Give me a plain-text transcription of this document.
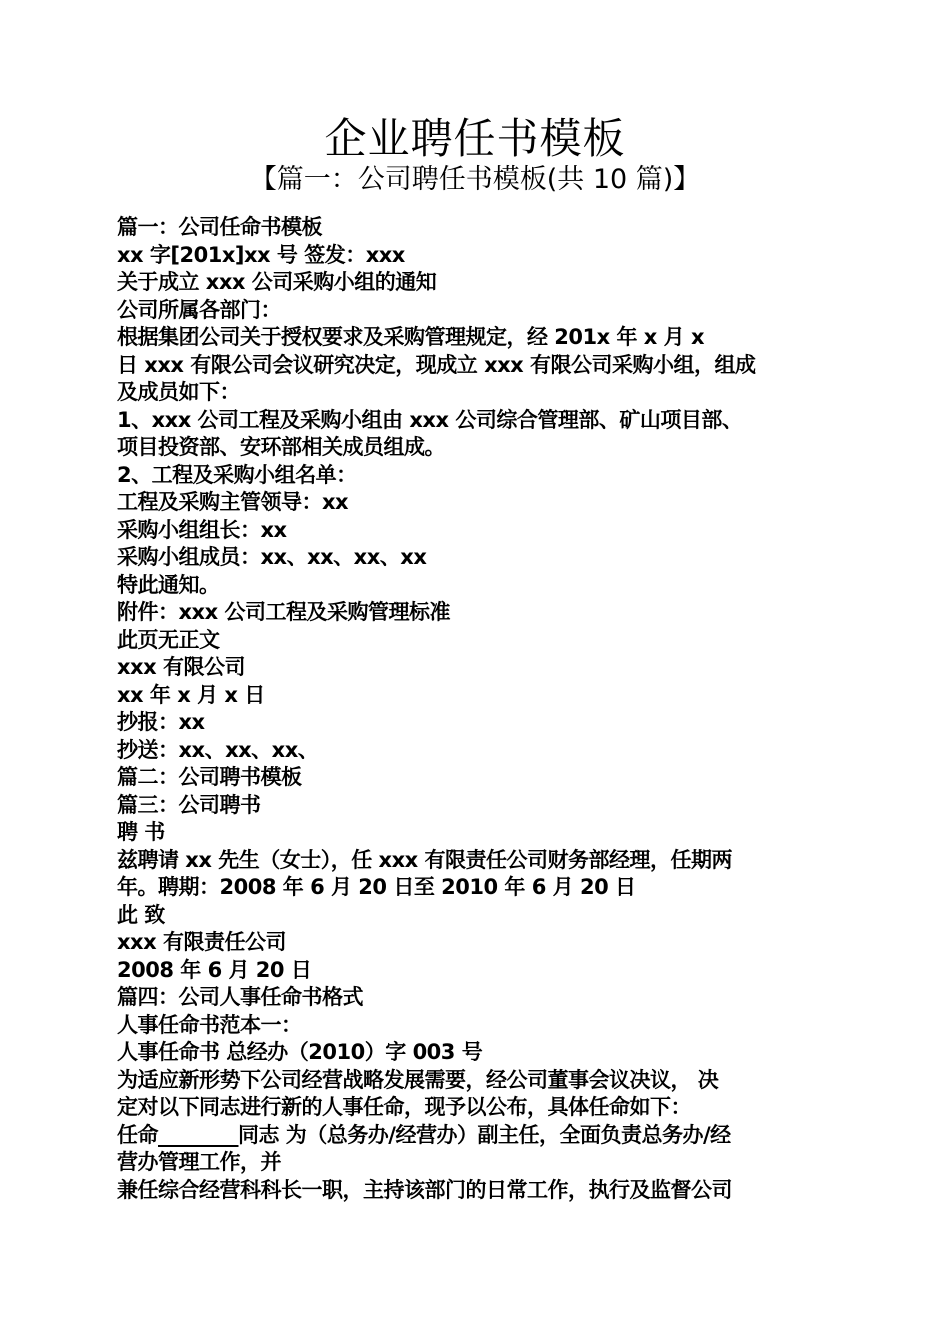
企业聘任书模板
【篇一：公司聘任书模板(共 10 篇)】
篇一：公司任命书模板
xx 字[201x]xx 号 签发：xxx
关于成立 xxx 公司采购小组的通知
公司所属各部门：
根据集团公司关于授权要求及采购管理规定，经 201x 年 x 月 x
日 xxx 有限公司会议研究决定，现成立 xxx 有限公司采购小组，组成
及成员如下：
1、xxx 公司工程及采购小组由 xxx 公司综合管理部、矿山项目部、
项目投资部、安环部相关成员组成。
2、工程及采购小组名单：
工程及采购主管领导：xx
采购小组组长：xx
采购小组成员：xx、xx、xx、xx
特此通知。
附件：xxx 公司工程及采购管理标准
此页无正文
xxx 有限公司
xx 年 x 月 x 日
抄报：xx
抄送：xx、xx、xx、
篇二：公司聘书模板
篇三：公司聘书
聘 书
兹聘请 xx 先生（女士），任 xxx 有限责任公司财务部经理，任期两
年。聘期：2008 年 6 月 20 日至 2010 年 6 月 20 日
此 致
xxx 有限责任公司
2008 年 6 月 20 日
篇四：公司人事任命书格式
人事任命书范本一：
人事任命书 总经办（2010）字 003 号
为适应新形势下公司经营战略发展需要，经公司董事会议决议， 决
定对以下同志进行新的人事任命，现予以公布，具体任命如下：
任命________同志 为（总务办/经营办）副主任，全面负责总务办/经
营办管理工作，并
兼任综合经营科科长一职，主持该部门的日常工作，执行及监督公司
